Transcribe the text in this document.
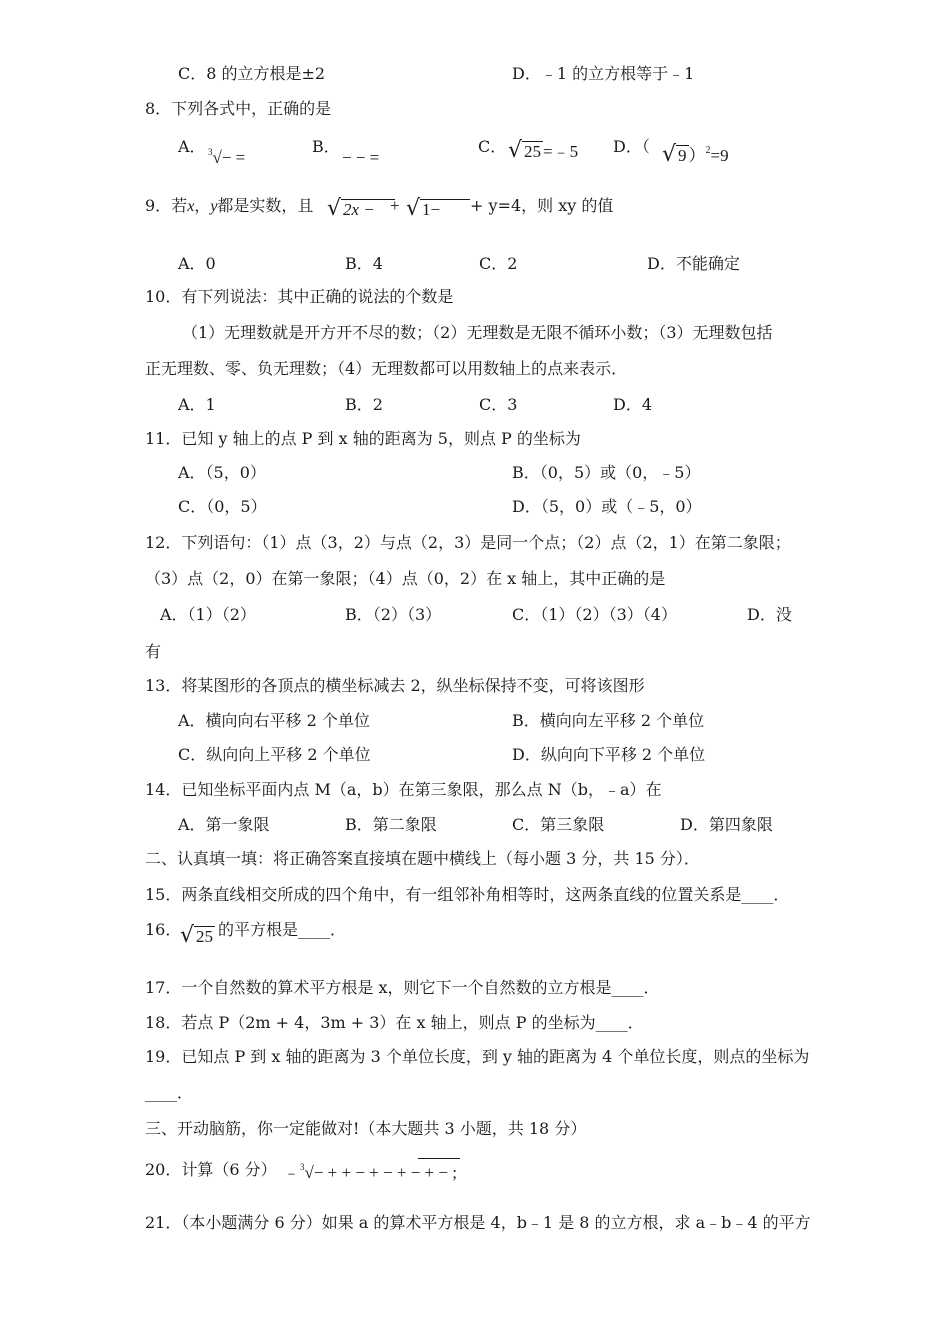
C．8 的立方根是±2	D．﹣1 的立方根等于﹣1
8．下列各式中，正确的是
A． $^3$√− =
B．
− − =
C． √ 25 =﹣5 D．（ √ 9 ）$^2$=9
9．若x，y都是实数，且 √ 2x − + √ 1−	+ y=4，则 xy 的值
A．0	B．4	C．2	D．不能确定
10．有下列说法：其中正确的说法的个数是
（1）无理数就是开方开不尽的数；（2）无理数是无限不循环小数；（3）无理数包括
正无理数、零、负无理数；（4）无理数都可以用数轴上的点来表示．
A．1	B．2	C．3	D．4
11．已知 y 轴上的点 P 到 x 轴的距离为 5，则点 P 的坐标为
A．（5，0）	B．（0，5）或（0，﹣5）
C．（0，5）	D．（5，0）或（﹣5，0）
12．下列语句：（1）点（3，2）与点（2，3）是同一个点；（2）点（2，1）在第二象限；
（3）点（2，0）在第一象限；（4）点（0，2）在 x 轴上，其中正确的是
A．（1）（2）	B．（2）（3）	C．（1）（2）（3）（4）	D．没
有
13．将某图形的各顶点的横坐标减去 2，纵坐标保持不变，可将该图形
A．横向向右平移 2 个单位	B．横向向左平移 2 个单位
C．纵向向上平移 2 个单位	D．纵向向下平移 2 个单位
14．已知坐标平面内点 M（a，b）在第三象限，那么点 N（b，﹣a）在
A．第一象限	B．第二象限	C．第三象限	D．第四象限
二、认真填一填：将正确答案直接填在题中横线上（每小题 3 分，共 15 分）．
15．两条直线相交所成的四个角中，有一组邻补角相等时，这两条直线的位置关系是____．
16．
√ 25 的平方根是____．
17．一个自然数的算术平方根是 x，则它下一个自然数的立方根是____．
18．若点 P（2m + 4，3m + 3）在 x 轴上，则点 P 的坐标为____．
19．已知点 P 到 x 轴的距离为 3 个单位长度，到 y 轴的距离为 4 个单位长度，则点的坐标为
____．
三、开动脑筋，你一定能做对!（本大题共 3 小题，共 18 分）
20．计算（6 分） ﹣$^3$√− + + − + − + − + − ;
21．（本小题满分 6 分）如果 a 的算术平方根是 4，b﹣1 是 8 的立方根，求 a﹣b﹣4 的平方
